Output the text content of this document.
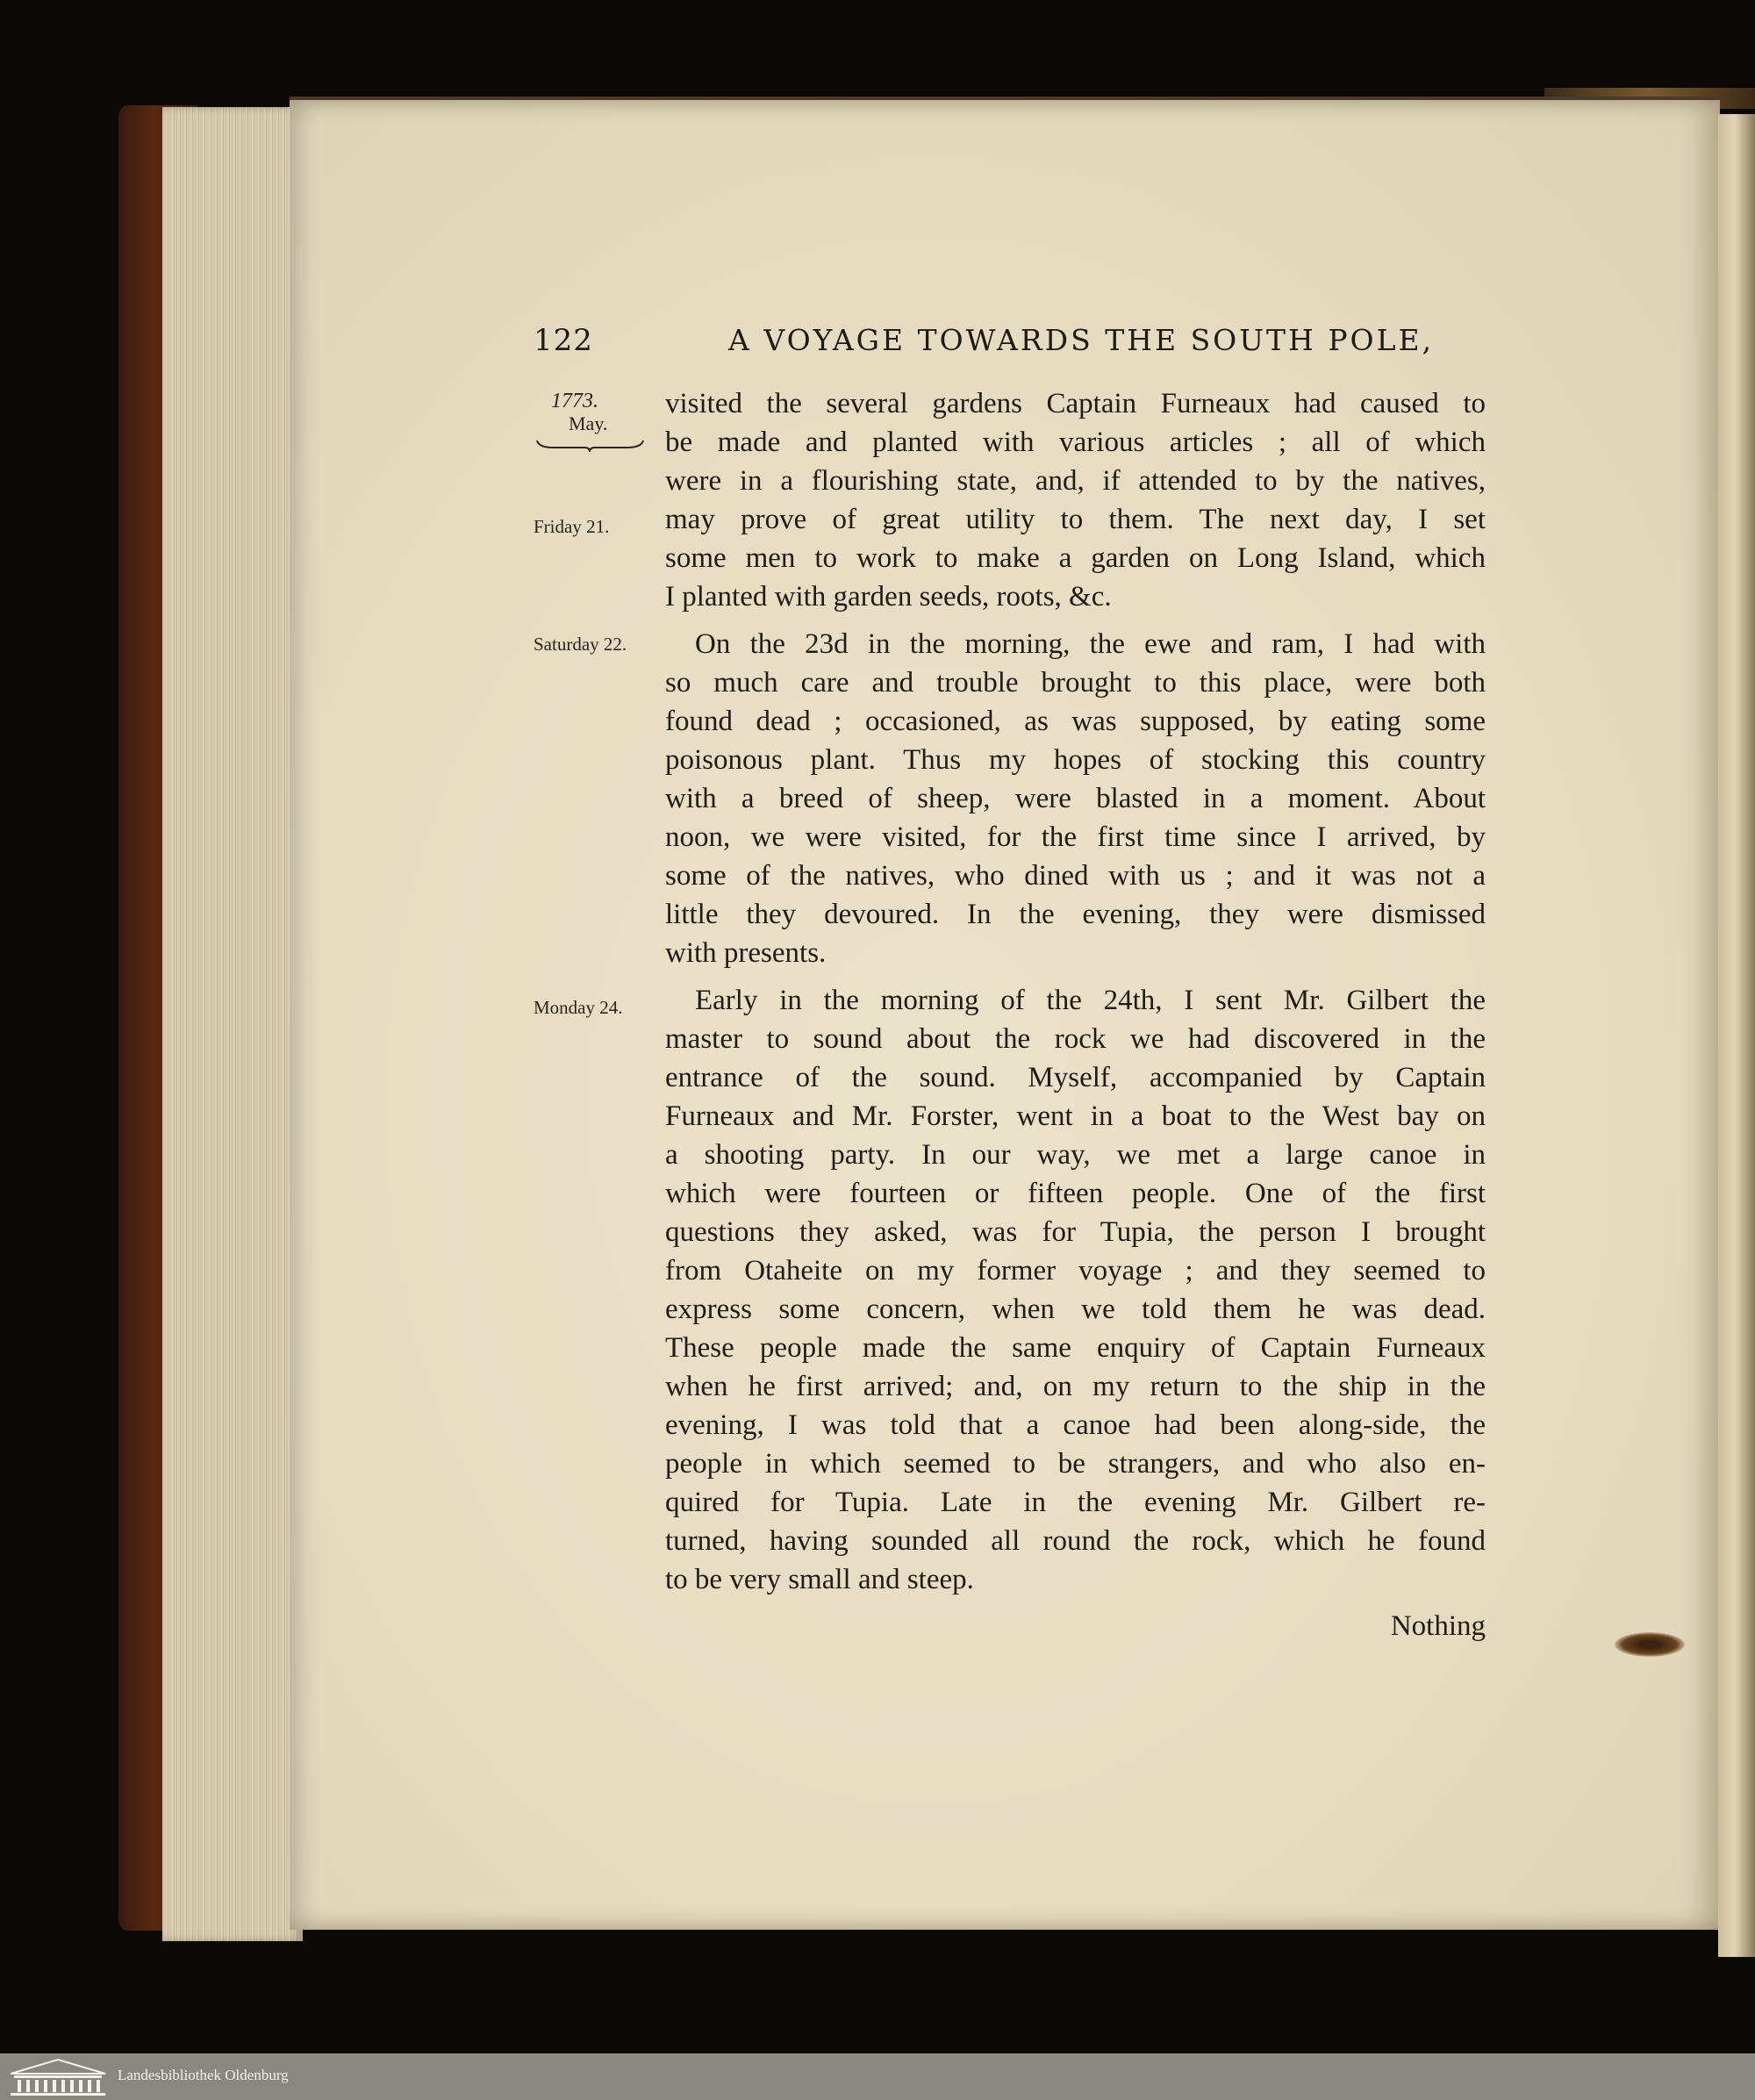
122	A VOYAGE TOWARDS THE SOUTH POLE,
1773.
May.
Friday 21.
Saturday 22.
Monday 24.
visited the several gardens Captain Furneaux had caused to
be made and planted with various articles ; all of which
were in a flourishing state, and, if attended to by the natives,
may prove of great utility to them. The next day, I set
some men to work to make a garden on Long Island, which
I planted with garden seeds, roots, &c.
On the 23d in the morning, the ewe and ram, I had with
so much care and trouble brought to this place, were both
found dead ; occasioned, as was supposed, by eating some
poisonous plant. Thus my hopes of stocking this country
with a breed of sheep, were blasted in a moment. About
noon, we were visited, for the first time since I arrived, by
some of the natives, who dined with us ; and it was not a
little they devoured. In the evening, they were dismissed
with presents.
Early in the morning of the 24th, I sent Mr. Gilbert the
master to sound about the rock we had discovered in the
entrance of the sound. Myself, accompanied by Captain
Furneaux and Mr. Forster, went in a boat to the West bay on
a shooting party. In our way, we met a large canoe in
which were fourteen or fifteen people. One of the first
questions they asked, was for Tupia, the person I brought
from Otaheite on my former voyage ; and they seemed to
express some concern, when we told them he was dead.
These people made the same enquiry of Captain Furneaux
when he first arrived; and, on my return to the ship in the
evening, I was told that a canoe had been along-side, the
people in which seemed to be strangers, and who also en-
quired for Tupia. Late in the evening Mr. Gilbert re-
turned, having sounded all round the rock, which he found
to be very small and steep.
Nothing
Landesbibliothek Oldenburg
